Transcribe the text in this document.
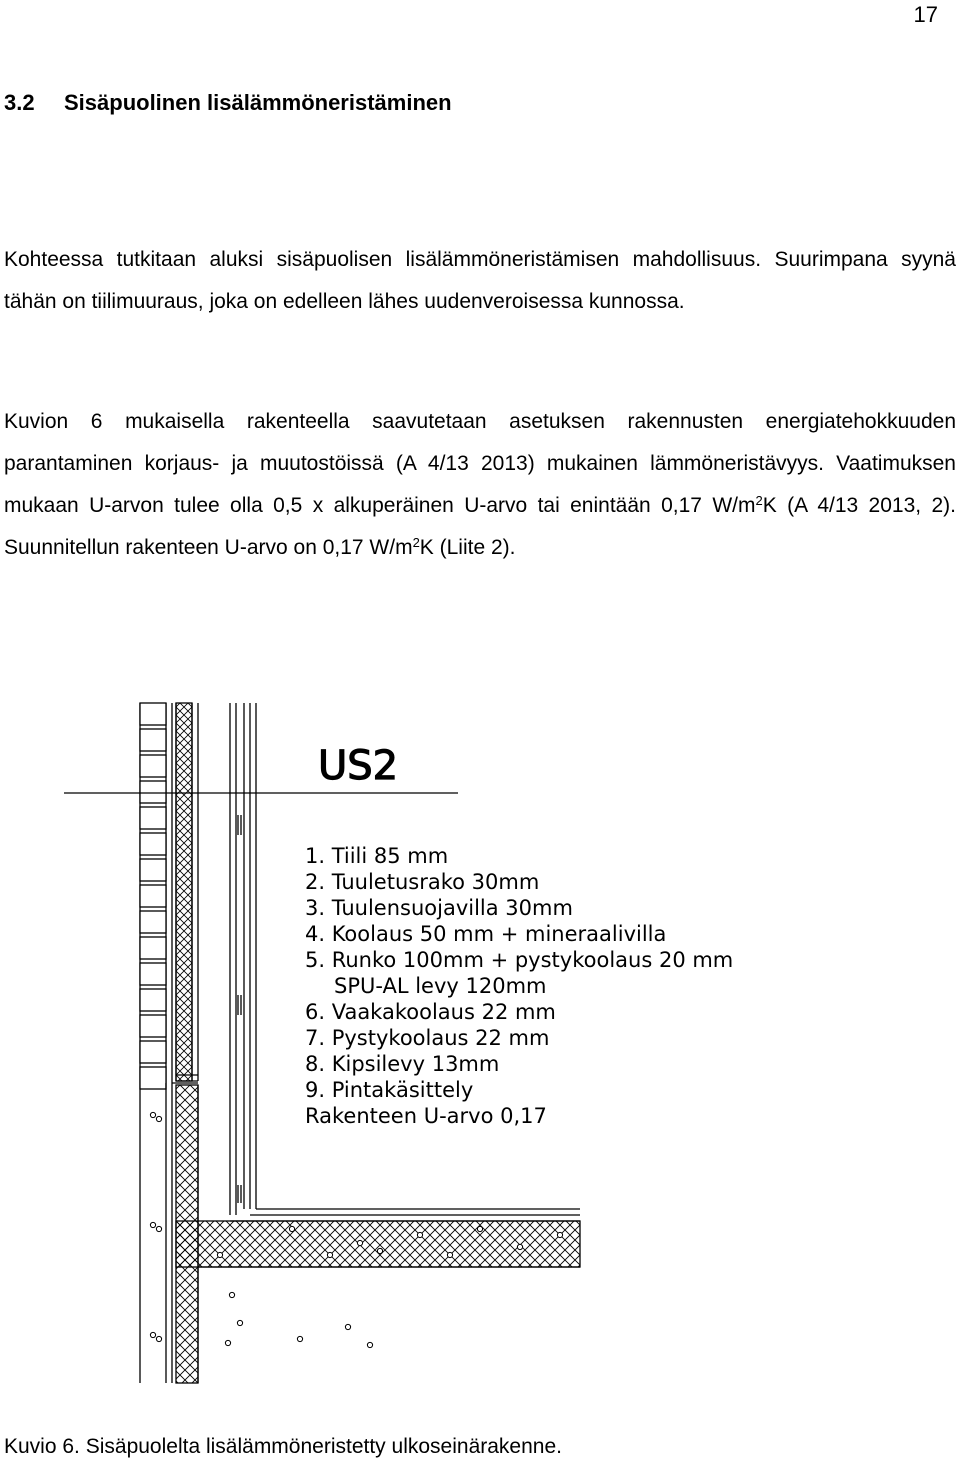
17
3.2 Sisäpuolinen lisälämmöneristäminen

Kohteessa tutkitaan aluksi sisäpuolisen lisälämmöneristämisen mahdollisuus. Suurimpana syynä tähän on tiilimuuraus, joka on edelleen lähes uudenveroisessa kunnossa.

Kuvion 6 mukaisella rakenteella saavutetaan asetuksen rakennusten energiatehokkuuden parantaminen korjaus- ja muutostöissä (A 4/13 2013) mukainen lämmöneristävyys. Vaatimuksen mukaan U-arvon tulee olla 0,5 x alkuperäinen U-arvo tai enintään 0,17 $W/m^2K$ (A 4/13 2013, 2). Suunnitellun rakenteen U-arvo on 0,17 $W/m^2K$ (Liite 2).

US2
1. Tiili 85 mm
2. Tuuletusrako 30mm
3. Tuulensuojavilla 30mm
4. Koolaus 50 mm + mineraalivilla
5. Runko 100mm + pystykoolaus 20 mm
SPU-AL levy 120mm
6. Vaakakoolaus 22 mm
7. Pystykoolaus 22 mm
8. Kipsilevy 13mm
9. Pintakäsittely
Rakenteen U-arvo 0,17

Kuvio 6. Sisäpuolelta lisälämmöneristetty ulkoseinärakenne.
